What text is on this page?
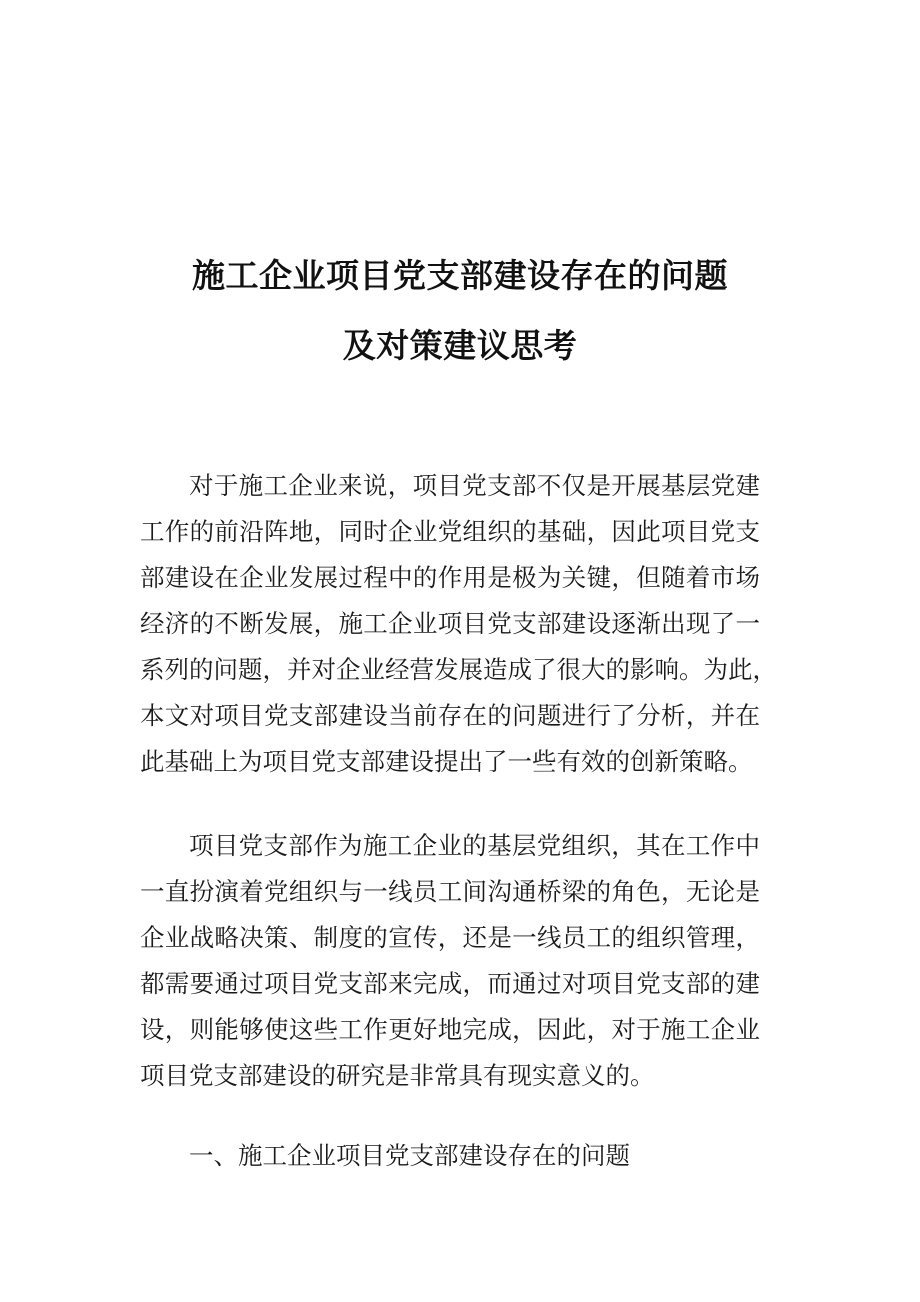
施工企业项目党支部建设存在的问题
及对策建议思考
对于施工企业来说，项目党支部不仅是开展基层党建
工作的前沿阵地，同时企业党组织的基础，因此项目党支
部建设在企业发展过程中的作用是极为关键，但随着市场
经济的不断发展，施工企业项目党支部建设逐渐出现了一
系列的问题，并对企业经营发展造成了很大的影响。为此，
本文对项目党支部建设当前存在的问题进行了分析，并在
此基础上为项目党支部建设提出了一些有效的创新策略。
项目党支部作为施工企业的基层党组织，其在工作中
一直扮演着党组织与一线员工间沟通桥梁的角色，无论是
企业战略决策、制度的宣传，还是一线员工的组织管理，
都需要通过项目党支部来完成，而通过对项目党支部的建
设，则能够使这些工作更好地完成，因此，对于施工企业
项目党支部建设的研究是非常具有现实意义的。
一、施工企业项目党支部建设存在的问题
